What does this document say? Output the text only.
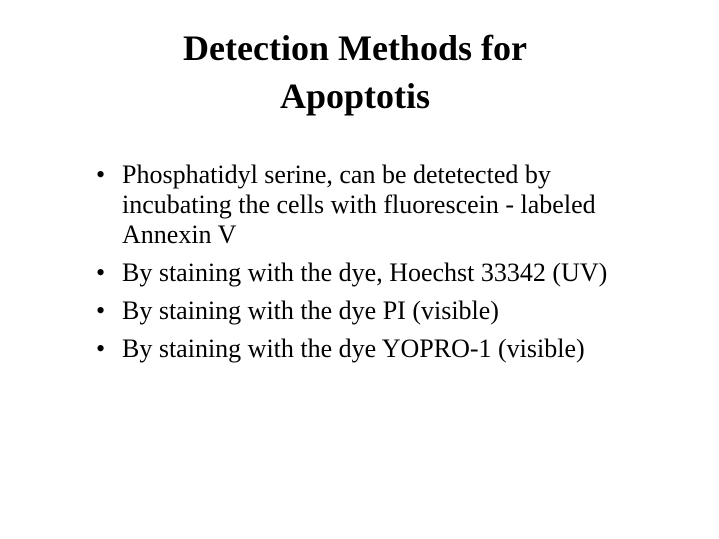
Detection Methods for
Apoptotis
• Phosphatidyl serine, can be detetected by incubating the cells with fluorescein - labeled Annexin V
• By staining with the dye, Hoechst 33342 (UV)
• By staining with the dye PI (visible)
• By staining with the dye YOPRO-1 (visible)
